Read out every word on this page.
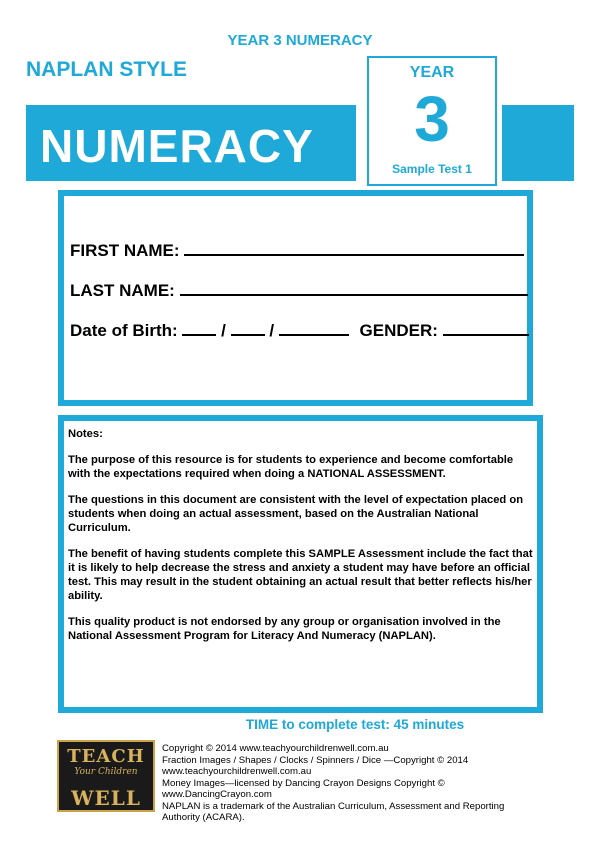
YEAR 3 NUMERACY
NAPLAN STYLE
NUMERACY
YEAR
3
Sample Test 1
FIRST NAME:
LAST NAME:
Date of Birth:	/	/	GENDER:

Notes:

The purpose of this resource is for students to experience and become comfortable with the expectations required when doing a NATIONAL ASSESSMENT.

The questions in this document are consistent with the level of expectation placed on students when doing an actual assessment, based on the Australian National Curriculum.

The benefit of having students complete this SAMPLE Assessment include the fact that it is likely to help decrease the stress and anxiety a student may have before an official test. This may result in the student obtaining an actual result that better reflects his/her ability.

This quality product is not endorsed by any group or organisation involved in the National Assessment Program for Literacy And Numeracy (NAPLAN).

TIME to complete test: 45 minutes
TEACH
Your Children
WELL
Copyright © 2014 www.teachyourchildrenwell.com.au
Fraction Images / Shapes / Clocks / Spinners / Dice —Copyright © 2014
www.teachyourchildrenwell.com.au
Money Images—licensed by Dancing Crayon Designs Copyright ©
www.DancingCrayon.com
NAPLAN is a trademark of the Australian Curriculum, Assessment and Reporting
Authority (ACARA).
